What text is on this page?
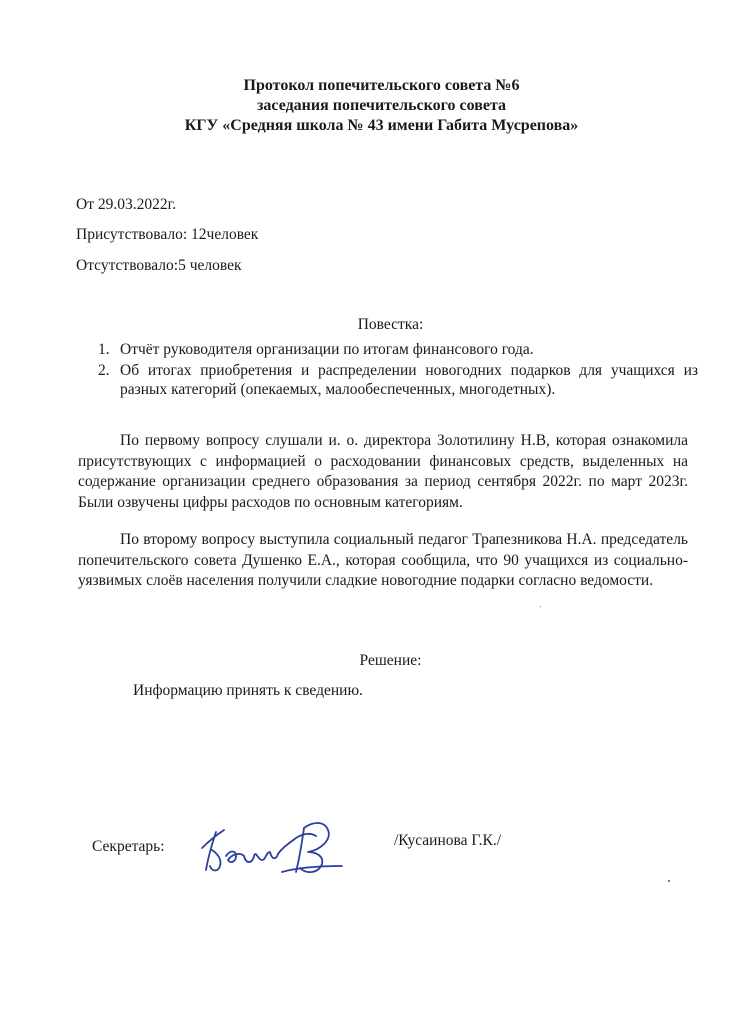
Протокол попечительского совета №6
заседания попечительского совета
КГУ «Средняя школа № 43 имени Габита Мусрепова»
От 29.03.2022г.
Присутствовало: 12человек
Отсутствовало:5 человек
Повестка:
1. Отчёт руководителя организации по итогам финансового года.
2. Об итогах приобретения и распределении новогодних подарков для учащихся из разных категорий (опекаемых, малообеспеченных, многодетных).

По первому вопросу слушали и. о. директора Золотилину Н.В, которая ознакомила присутствующих с информацией о расходовании финансовых средств, выделенных на содержание организации среднего образования за период сентября 2022г. по март 2023г. Были озвучены цифры расходов по основным категориям.

По второму вопросу выступила социальный педагог Трапезникова Н.А. председатель попечительского совета Душенко Е.А., которая сообщила, что 90 учащихся из социально-уязвимых слоёв населения получили сладкие новогодние подарки согласно ведомости.

Решение:
Информацию принять к сведению.
Секретарь:	/Кусаинова Г.К./
